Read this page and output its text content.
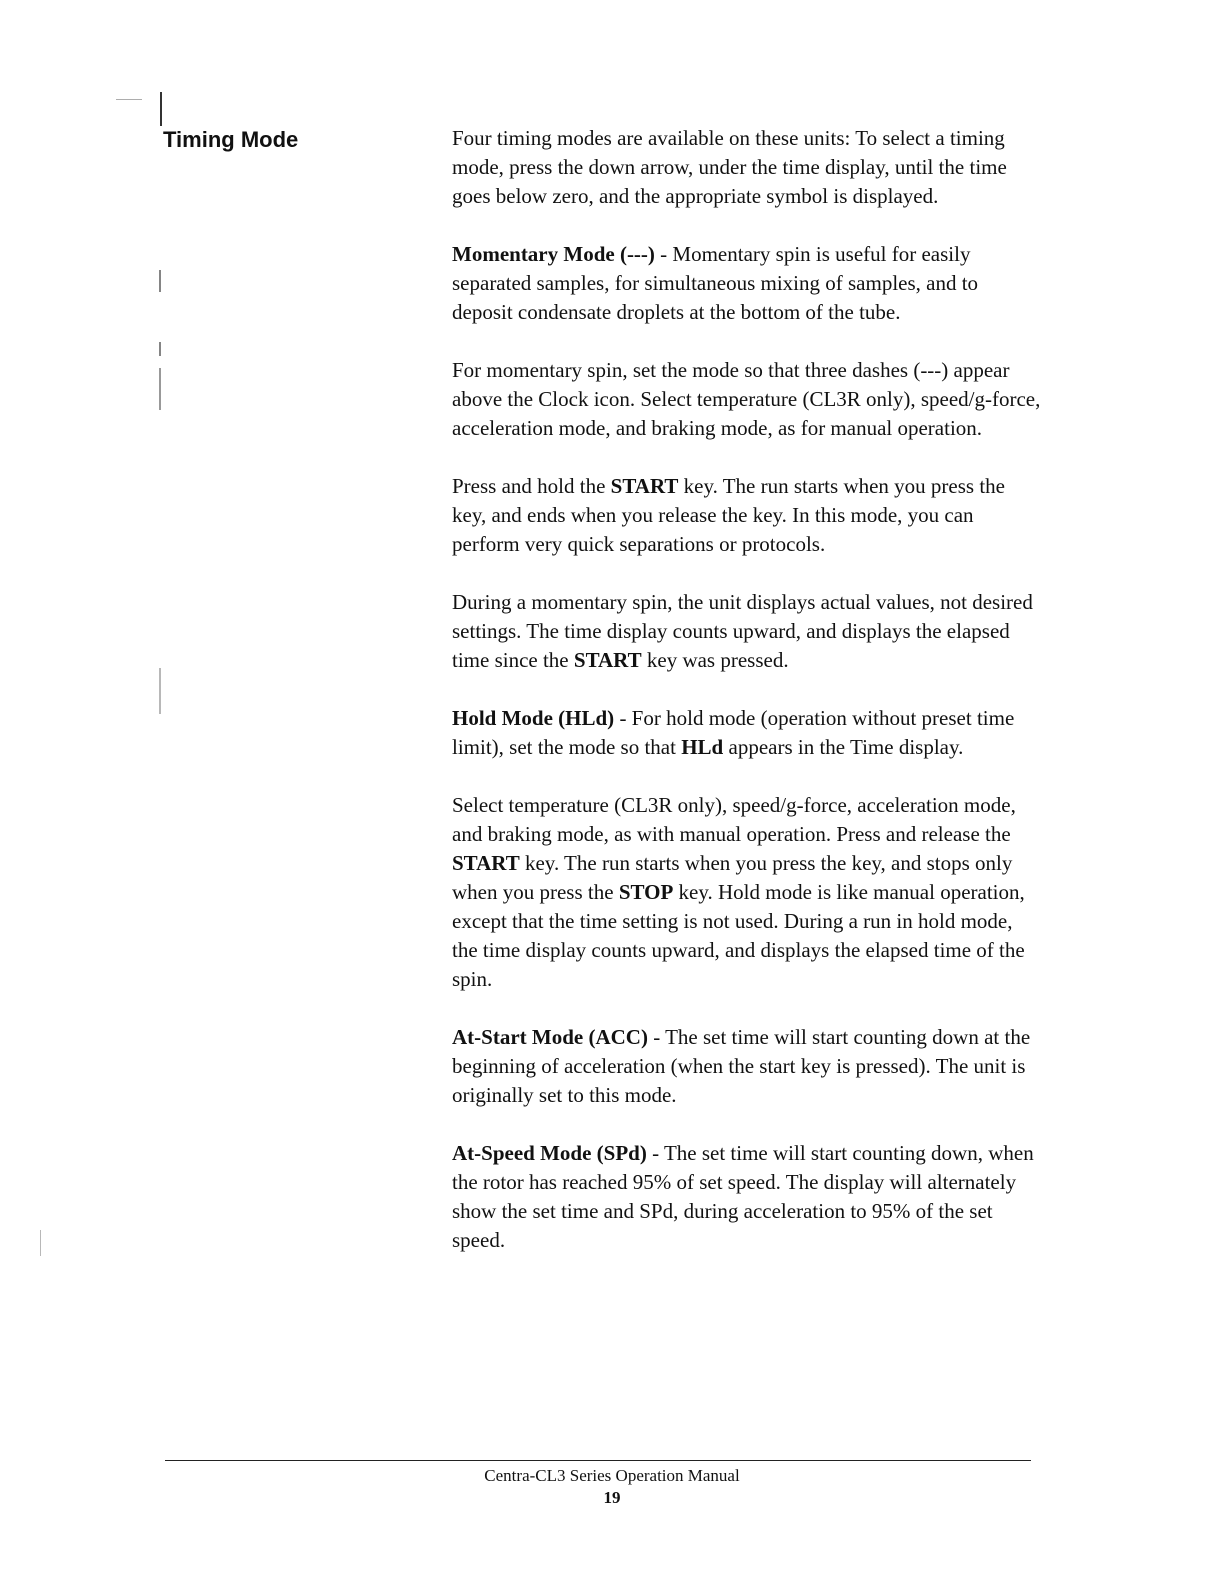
Timing Mode	Four timing modes are available on these units: To select a timing mode, press the down arrow, under the time display, until the time goes below zero, and the appropriate symbol is displayed.

Momentary Mode (---) - Momentary spin is useful for easily separated samples, for simultaneous mixing of samples, and to deposit condensate droplets at the bottom of the tube.

For momentary spin, set the mode so that three dashes (---) appear above the Clock icon. Select temperature (CL3R only), speed/g-force, acceleration mode, and braking mode, as for manual operation.

Press and hold the START key. The run starts when you press the key, and ends when you release the key. In this mode, you can perform very quick separations or protocols.

During a momentary spin, the unit displays actual values, not desired settings. The time display counts upward, and displays the elapsed time since the START key was pressed.

Hold Mode (HLd) - For hold mode (operation without preset time limit), set the mode so that HLd appears in the Time display.

Select temperature (CL3R only), speed/g-force, acceleration mode, and braking mode, as with manual operation. Press and release the START key. The run starts when you press the key, and stops only when you press the STOP key. Hold mode is like manual operation, except that the time setting is not used. During a run in hold mode, the time display counts upward, and displays the elapsed time of the spin.

At-Start Mode (ACC) - The set time will start counting down at the beginning of acceleration (when the start key is pressed). The unit is originally set to this mode.

At-Speed Mode (SPd) - The set time will start counting down, when the rotor has reached 95% of set speed. The display will alternately show the set time and SPd, during acceleration to 95% of the set speed.

Centra-CL3 Series Operation Manual
19
